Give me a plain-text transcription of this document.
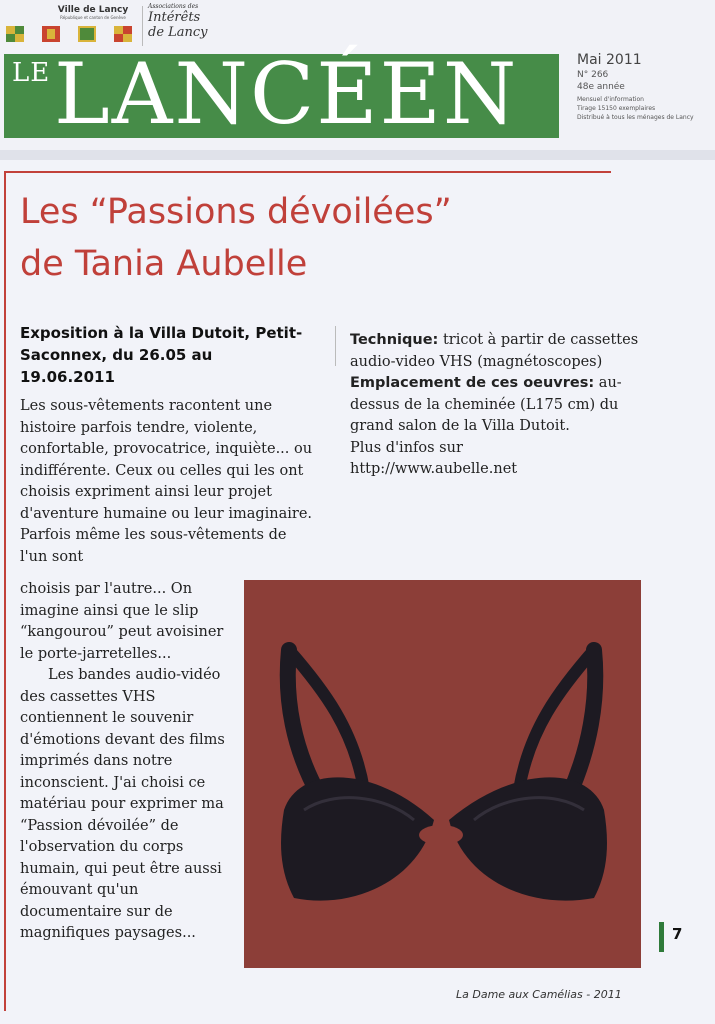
Ville de Lancy
République et canton de Genève
Associations des
Intérêts
de Lancy
LE LANCÉEN	Mai 2011
N° 266
48e année
Mensuel d'information
Tirage 15150 exemplaires
Distribué à tous les ménages de Lancy
Les “Passions dévoilées”
de Tania Aubelle
Exposition à la Villa Dutoit, Petit-Saconnex, du 26.05 au 19.06.2011
Les sous-vêtements racontent une histoire parfois tendre, violente, confortable, provocatrice, inquiète... ou indifférente. Ceux ou celles qui les ont choisis expriment ainsi leur projet d'aventure humaine ou leur imaginaire. Parfois même les sous-vêtements de l'un sont
choisis par l'autre... On imagine ainsi que le slip “kangourou” peut avoisiner le porte-jarretelles...
Les bandes audio-vidéo des cassettes VHS contiennent le souvenir d'émotions devant des films imprimés dans notre inconscient. J'ai choisi ce matériau pour exprimer ma “Passion dévoilée” de l'observation du corps humain, qui peut être aussi émouvant qu'un documentaire sur de magnifiques paysages...
Technique: tricot à partir de cassettes audio-video VHS (magnétoscopes)
Emplacement de ces oeuvres: au-dessus de la cheminée (L175 cm) du grand salon de la Villa Dutoit.
Plus d'infos sur
http://www.aubelle.net
La Dame aux Camélias - 2011
7
